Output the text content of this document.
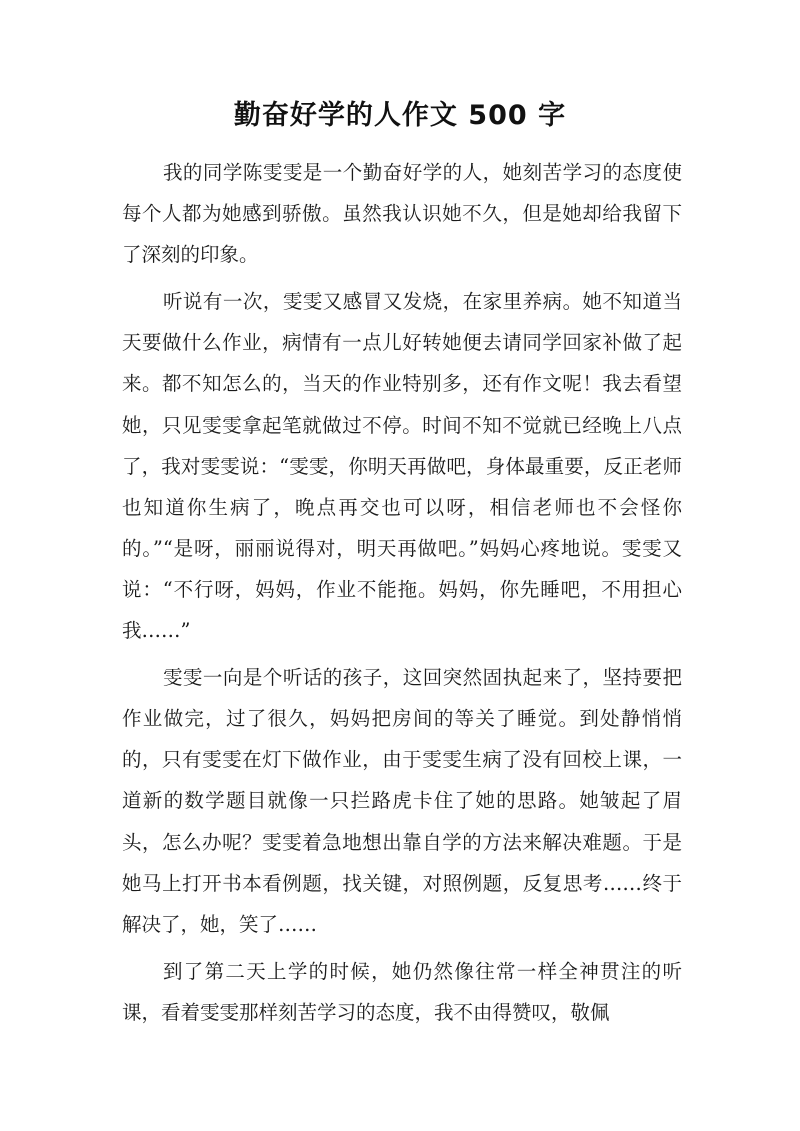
勤奋好学的人作文 500 字

我的同学陈雯雯是一个勤奋好学的人，她刻苦学习的态度使每个人都为她感到骄傲。虽然我认识她不久，但是她却给我留下了深刻的印象。

听说有一次，雯雯又感冒又发烧，在家里养病。她不知道当天要做什么作业，病情有一点儿好转她便去请同学回家补做了起来。都不知怎么的，当天的作业特别多，还有作文呢！我去看望她，只见雯雯拿起笔就做过不停。时间不知不觉就已经晚上八点了，我对雯雯说：“雯雯，你明天再做吧，身体最重要，反正老师也知道你生病了，晚点再交也可以呀，相信老师也不会怪你的。”“是呀，丽丽说得对，明天再做吧。”妈妈心疼地说。雯雯又说：“不行呀，妈妈，作业不能拖。妈妈，你先睡吧，不用担心我……”

雯雯一向是个听话的孩子，这回突然固执起来了，坚持要把作业做完，过了很久，妈妈把房间的等关了睡觉。到处静悄悄的，只有雯雯在灯下做作业，由于雯雯生病了没有回校上课，一道新的数学题目就像一只拦路虎卡住了她的思路。她皱起了眉头，怎么办呢？雯雯着急地想出靠自学的方法来解决难题。于是她马上打开书本看例题，找关键，对照例题，反复思考……终于解决了，她，笑了……

到了第二天上学的时候，她仍然像往常一样全神贯注的听课，看着雯雯那样刻苦学习的态度，我不由得赞叹，敬佩
